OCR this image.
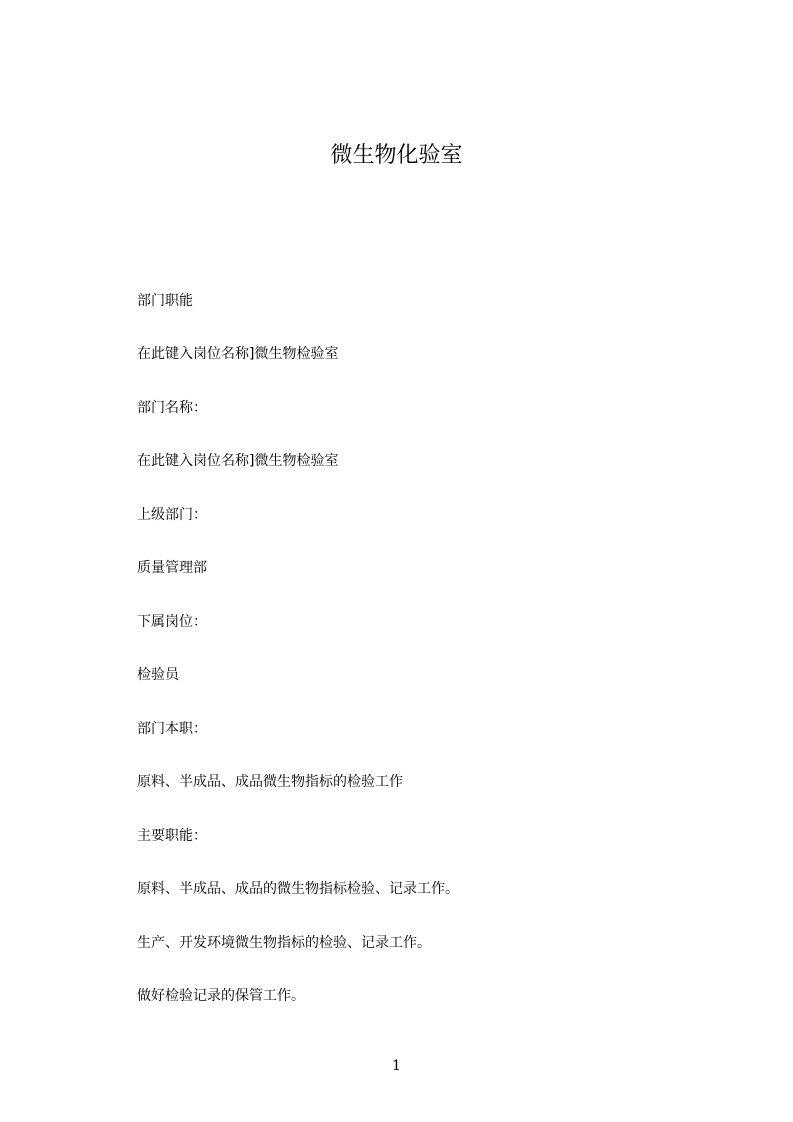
微生物化验室
部门职能
在此键入岗位名称]微生物检验室
部门名称：
在此键入岗位名称]微生物检验室
上级部门：
质量管理部
下属岗位：
检验员
部门本职：
原料、半成品、成品微生物指标的检验工作
主要职能：
原料、半成品、成品的微生物指标检验、记录工作。
生产、开发环境微生物指标的检验、记录工作。
做好检验记录的保管工作。
1
